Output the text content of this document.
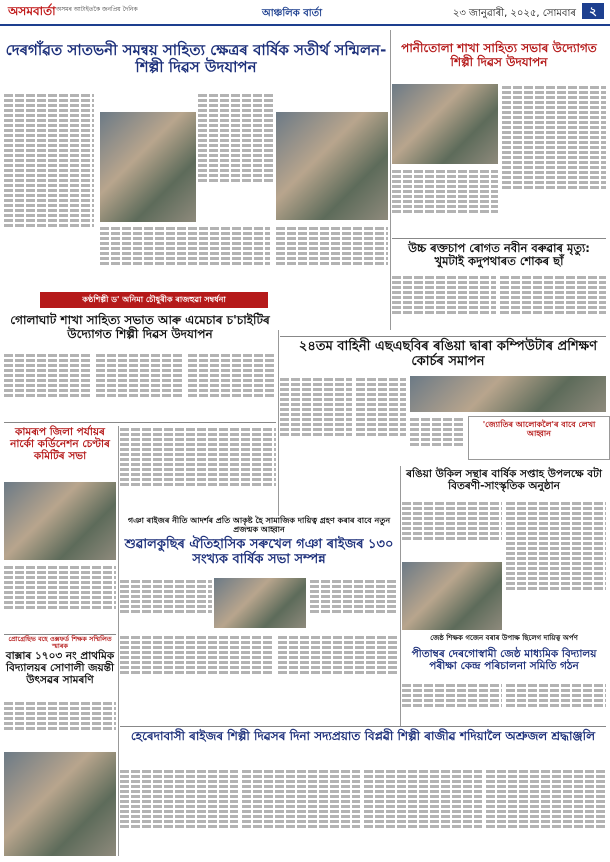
অসমবাৰ্তা অসমৰ আটাইতকৈ জনপ্ৰিয় দৈনিক	আঞ্চলিক বাৰ্তা	২৩ জানুৱাৰী, ২০২৫, সোমবাৰ	২
দেৰগাঁৱত সাতভনী সমন্বয় সাহিত্য ক্ষেত্ৰৰ বাৰ্ষিক সতীৰ্থ সন্মিলন-শিল্পী দিৱস উদযাপন
পানীতোলা শাখা সাহিত্য সভাৰ উদ্যোগত শিল্পী দিৱস উদযাপন
উচ্চ ৰক্তচাপ ৰোগত নবীন বৰুৱাৰ মৃত্যু: খুমটাই কদুপথাৰত শোকৰ ছাঁ
২৪তম বাহিনী এছএছবিৰ ৰঙিয়া দ্বাৰা কম্পিউটাৰ প্ৰশিক্ষণ কোৰ্চৰ সমাপন
'জ্যোতিৰ আলোকলৈ'ৰ বাবে লেখা আহ্বান
কণ্ঠশিল্পী ড' অনিমা চৌধুৰীক ৰাজহুৱা সম্বৰ্ধনা
গোলাঘাট শাখা সাহিত্য সভাত আৰু এমেচাৰ চ'চাইটিৰ উদ্যোগত শিল্পী দিৱস উদযাপন
কামৰূপ জিলা পৰ্যায়ৰ নাৰ্কো কৰ্ডিনেশন চেণ্টাৰ কমিটিৰ সভা
গঞা ৰাইজৰ নীতি আদৰ্শৰ প্ৰতি আকৃষ্ট হৈ সামাজিক দায়িত্ব গ্ৰহণ কৰাৰ বাবে নতুন প্ৰজন্মক আহ্বান
শুৱালকুছিৰ ঐতিহাসিক সৰুখেল গঞা ৰাইজৰ ১৩০ সংখ্যক বাৰ্ষিক সভা সম্পন্ন
ৰঙিয়া উকিল সন্থাৰ বাৰ্ষিক সপ্তাহ উপলক্ষে বটা বিতৰণী-সাংস্কৃতিক অনুষ্ঠান
জেষ্ঠ শিক্ষক গজেন বৰাৰ উপাক্ষ ছিলেগ দায়িত্ব অৰ্পণ
পীতাম্বৰ দেৰগোস্বামী জেষ্ঠ মাধ্যমিক বিদ্যালয় পৰীক্ষা কেন্দ্ৰ পৰিচালনা সমিতি গঠন
প্ৰোগ্ৰেছিভ বহে ওক্সফৰ্ড শিক্ষক সম্মিলিত স্মাৰক
বাক্সাৰ ১৭০৩ নং প্ৰাথমিক বিদ্যালয়ৰ সোণালী জয়ন্তী উৎসৱৰ সামৰণি
হেৰেদাবাসী ৰাইজৰ শিল্পী দিৱসৰ দিনা সদ্যপ্ৰয়াত বিপ্লৱী শিল্পী ৰাজীৱ শদিয়ালৈ অশ্ৰুজল শ্ৰদ্ধাঞ্জলি
